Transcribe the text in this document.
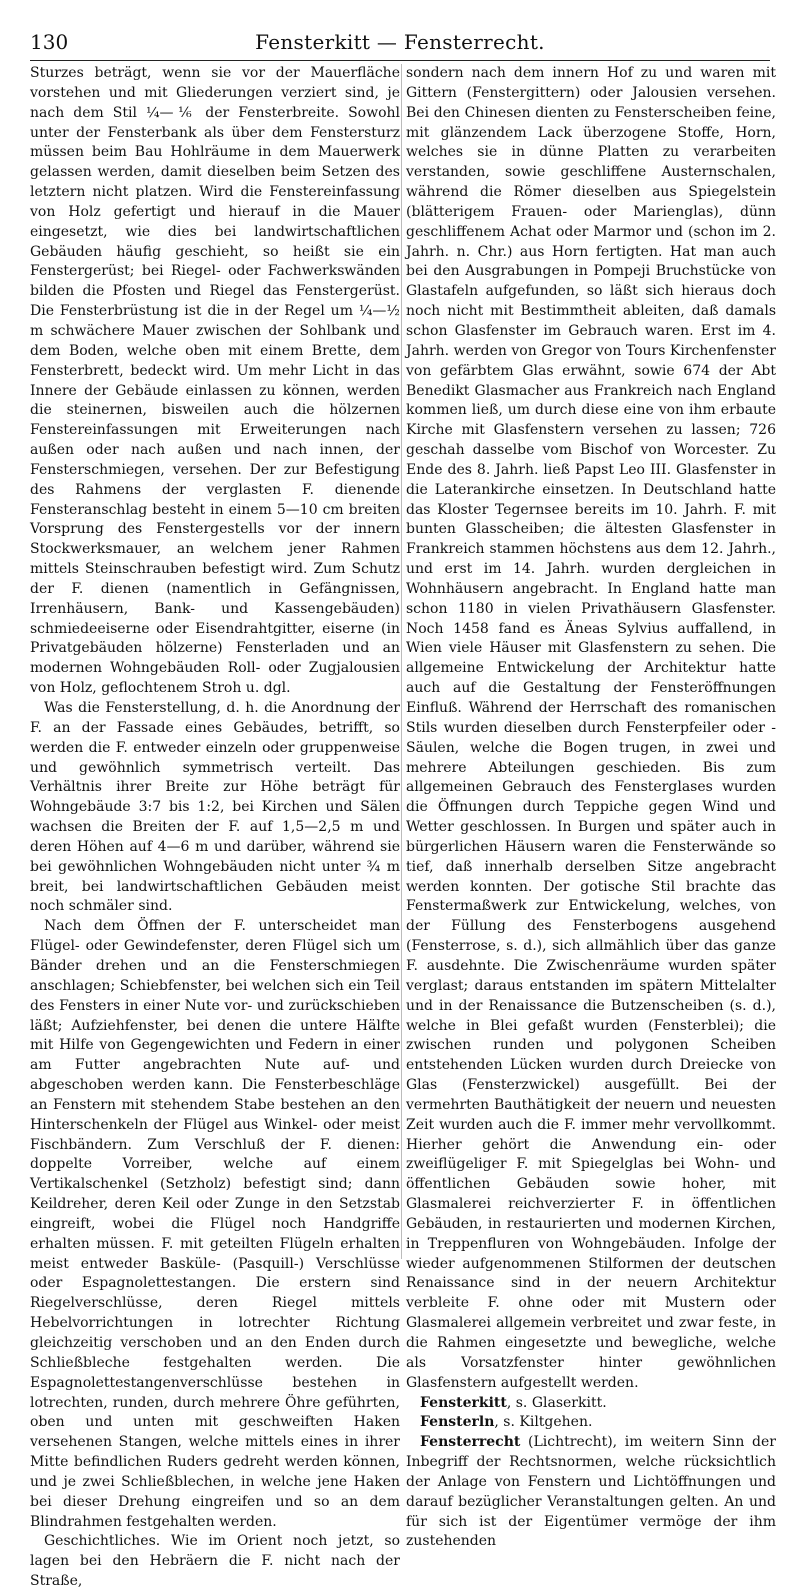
130	Fensterkitt — Fensterrecht.

Sturzes beträgt, wenn sie vor der Mauerfläche vorstehen und mit Gliederungen verziert sind, je nach dem Stil ¼—⅙ der Fensterbreite. Sowohl unter der Fensterbank als über dem Fenstersturz müssen beim Bau Hohlräume in dem Mauerwerk gelassen werden, damit dieselben beim Setzen des letztern nicht platzen. Wird die Fenstereinfassung von Holz gefertigt und hierauf in die Mauer eingesetzt, wie dies bei landwirtschaftlichen Gebäuden häufig geschieht, so heißt sie ein Fenstergerüst; bei Riegel- oder Fachwerkswänden bilden die Pfosten und Riegel das Fenstergerüst. Die Fensterbrüstung ist die in der Regel um ¼—½ m schwächere Mauer zwischen der Sohlbank und dem Boden, welche oben mit einem Brette, dem Fensterbrett, bedeckt wird. Um mehr Licht in das Innere der Gebäude einlassen zu können, werden die steinernen, bisweilen auch die hölzernen Fenstereinfassungen mit Erweiterungen nach außen oder nach außen und nach innen, der Fensterschmiegen, versehen. Der zur Befestigung des Rahmens der verglasten F. dienende Fensteranschlag besteht in einem 5—10 cm breiten Vorsprung des Fenstergestells vor der innern Stockwerksmauer, an welchem jener Rahmen mittels Steinschrauben befestigt wird. Zum Schutz der F. dienen (namentlich in Gefängnissen, Irrenhäusern, Bank- und Kassengebäuden) schmiedeeiserne oder Eisendrahtgitter, eiserne (in Privatgebäuden hölzerne) Fensterladen und an modernen Wohngebäuden Roll- oder Zugjalousien von Holz, geflochtenem Stroh u. dgl.

Was die Fensterstellung, d. h. die Anordnung der F. an der Fassade eines Gebäudes, betrifft, so werden die F. entweder einzeln oder gruppenweise und gewöhnlich symmetrisch verteilt. Das Verhältnis ihrer Breite zur Höhe beträgt für Wohngebäude 3:7 bis 1:2, bei Kirchen und Sälen wachsen die Breiten der F. auf 1,5—2,5 m und deren Höhen auf 4—6 m und darüber, während sie bei gewöhnlichen Wohngebäuden nicht unter ¾ m breit, bei landwirtschaftlichen Gebäuden meist noch schmäler sind.

Nach dem Öffnen der F. unterscheidet man Flügel- oder Gewindefenster, deren Flügel sich um Bänder drehen und an die Fensterschmiegen anschlagen; Schiebfenster, bei welchen sich ein Teil des Fensters in einer Nute vor- und zurückschieben läßt; Aufziehfenster, bei denen die untere Hälfte mit Hilfe von Gegengewichten und Federn in einer am Futter angebrachten Nute auf- und abgeschoben werden kann. Die Fensterbeschläge an Fenstern mit stehendem Stabe bestehen an den Hinterschenkeln der Flügel aus Winkel- oder meist Fischbändern. Zum Verschluß der F. dienen: doppelte Vorreiber, welche auf einem Vertikalschenkel (Setzholz) befestigt sind; dann Keildreher, deren Keil oder Zunge in den Setzstab eingreift, wobei die Flügel noch Handgriffe erhalten müssen. F. mit geteilten Flügeln erhalten meist entweder Basküle- (Pasquill-) Verschlüsse oder Espagnolettestangen. Die erstern sind Riegelverschlüsse, deren Riegel mittels Hebelvorrichtungen in lotrechter Richtung gleichzeitig verschoben und an den Enden durch Schließbleche festgehalten werden. Die Espagnolettestangenverschlüsse bestehen in lotrechten, runden, durch mehrere Öhre geführten, oben und unten mit geschweiften Haken versehenen Stangen, welche mittels eines in ihrer Mitte befindlichen Ruders gedreht werden können, und je zwei Schließblechen, in welche jene Haken bei dieser Drehung eingreifen und so an dem Blindrahmen festgehalten werden.

Geschichtliches. Wie im Orient noch jetzt, so lagen bei den Hebräern die F. nicht nach der Straße,

sondern nach dem innern Hof zu und waren mit Gittern (Fenstergittern) oder Jalousien versehen. Bei den Chinesen dienten zu Fensterscheiben feine, mit glänzendem Lack überzogene Stoffe, Horn, welches sie in dünne Platten zu verarbeiten verstanden, sowie geschliffene Austernschalen, während die Römer dieselben aus Spiegelstein (blätterigem Frauen- oder Marienglas), dünn geschliffenem Achat oder Marmor und (schon im 2. Jahrh. n. Chr.) aus Horn fertigten. Hat man auch bei den Ausgrabungen in Pompeji Bruchstücke von Glastafeln aufgefunden, so läßt sich hieraus doch noch nicht mit Bestimmtheit ableiten, daß damals schon Glasfenster im Gebrauch waren. Erst im 4. Jahrh. werden von Gregor von Tours Kirchenfenster von gefärbtem Glas erwähnt, sowie 674 der Abt Benedikt Glasmacher aus Frankreich nach England kommen ließ, um durch diese eine von ihm erbaute Kirche mit Glasfenstern versehen zu lassen; 726 geschah dasselbe vom Bischof von Worcester. Zu Ende des 8. Jahrh. ließ Papst Leo III. Glasfenster in die Laterankirche einsetzen. In Deutschland hatte das Kloster Tegernsee bereits im 10. Jahrh. F. mit bunten Glasscheiben; die ältesten Glasfenster in Frankreich stammen höchstens aus dem 12. Jahrh., und erst im 14. Jahrh. wurden dergleichen in Wohnhäusern angebracht. In England hatte man schon 1180 in vielen Privathäusern Glasfenster. Noch 1458 fand es Äneas Sylvius auffallend, in Wien viele Häuser mit Glasfenstern zu sehen. Die allgemeine Entwickelung der Architektur hatte auch auf die Gestaltung der Fensteröffnungen Einfluß. Während der Herrschaft des romanischen Stils wurden dieselben durch Fensterpfeiler oder -Säulen, welche die Bogen trugen, in zwei und mehrere Abteilungen geschieden. Bis zum allgemeinen Gebrauch des Fensterglases wurden die Öffnungen durch Teppiche gegen Wind und Wetter geschlossen. In Burgen und später auch in bürgerlichen Häusern waren die Fensterwände so tief, daß innerhalb derselben Sitze angebracht werden konnten. Der gotische Stil brachte das Fenstermaßwerk zur Entwickelung, welches, von der Füllung des Fensterbogens ausgehend (Fensterrose, s. d.), sich allmählich über das ganze F. ausdehnte. Die Zwischenräume wurden später verglast; daraus entstanden im spätern Mittelalter und in der Renaissance die Butzenscheiben (s. d.), welche in Blei gefaßt wurden (Fensterblei); die zwischen runden und polygonen Scheiben entstehenden Lücken wurden durch Dreiecke von Glas (Fensterzwickel) ausgefüllt. Bei der vermehrten Bauthätigkeit der neuern und neuesten Zeit wurden auch die F. immer mehr vervollkommt. Hierher gehört die Anwendung ein- oder zweiflügeliger F. mit Spiegelglas bei Wohn- und öffentlichen Gebäuden sowie hoher, mit Glasmalerei reichverzierter F. in öffentlichen Gebäuden, in restaurierten und modernen Kirchen, in Treppenfluren von Wohngebäuden. Infolge der wieder aufgenommenen Stilformen der deutschen Renaissance sind in der neuern Architektur verbleite F. ohne oder mit Mustern oder Glasmalerei allgemein verbreitet und zwar feste, in die Rahmen eingesetzte und bewegliche, welche als Vorsatzfenster hinter gewöhnlichen Glasfenstern aufgestellt werden.

Fensterkitt, s. Glaserkitt.

Fensterln, s. Kiltgehen.

Fensterrecht (Lichtrecht), im weitern Sinn der Inbegriff der Rechtsnormen, welche rücksichtlich der Anlage von Fenstern und Lichtöffnungen und darauf bezüglicher Veranstaltungen gelten. An und für sich ist der Eigentümer vermöge der ihm zustehenden
